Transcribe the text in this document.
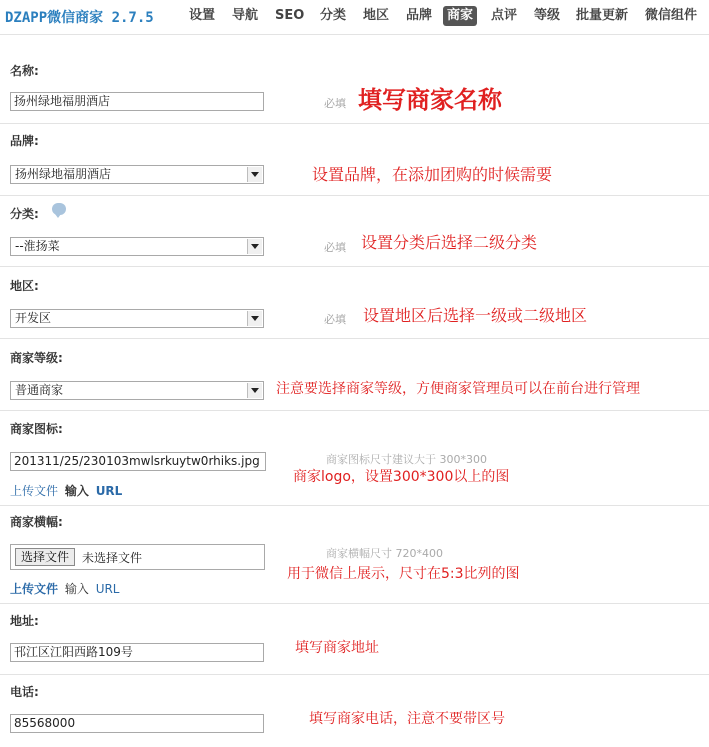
DZAPP微信商家 2.7.5	设置 导航 SEO 分类 地区 品牌	商家	点评 等级 批量更新 微信组件
名称:
扬州绿地福朋酒店	必填 填写商家名称
品牌:
扬州绿地福朋酒店	设置品牌，在添加团购的时候需要
分类:
--淮扬菜	必填 设置分类后选择二级分类
地区:
开发区	必填 设置地区后选择一级或二级地区
商家等级:
普通商家	注意要选择商家等级，方便商家管理员可以在前台进行管理
商家图标:
201311/25/230103mwlsrkuytw0rhiks.jpg	商家图标尺寸建议大于 300*300
商家logo，设置300*300以上的图
上传文件 输入 URL
商家横幅:
选择文件	未选择文件	商家横幅尺寸 720*400
用于微信上展示，尺寸在5:3比列的图
上传文件 输入 URL
地址:
邗江区江阳西路109号	填写商家地址
电话:
85568000	填写商家电话，注意不要带区号
